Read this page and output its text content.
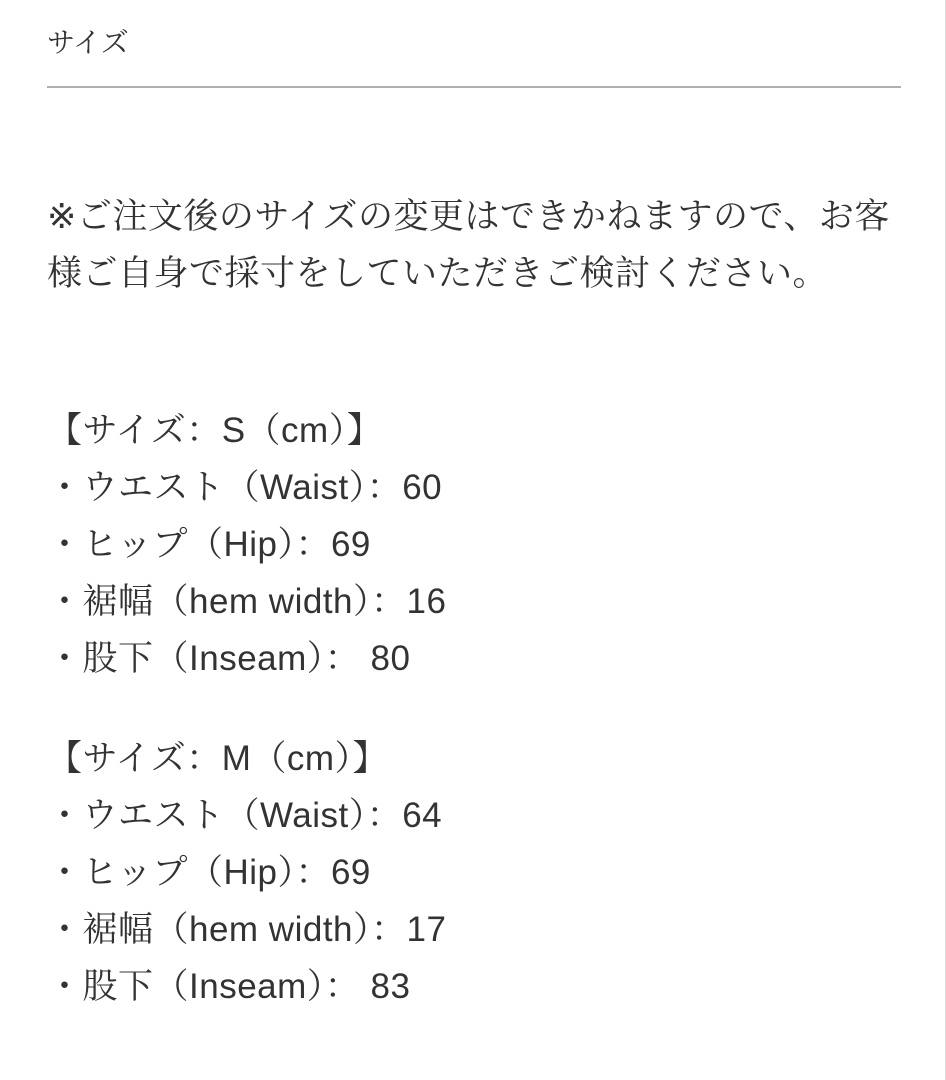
サイズ

※ご注文後のサイズの変更はできかねますので、お客様ご自身で採寸をしていただきご検討ください。

【サイズ：S（cm）】
・ウエスト（Waist）：60
・ヒップ（Hip）：69
・裾幅（hem width）：16
・股下（Inseam）： 80
【サイズ：M（cm）】
・ウエスト（Waist）：64
・ヒップ（Hip）：69
・裾幅（hem width）：17
・股下（Inseam）： 83
